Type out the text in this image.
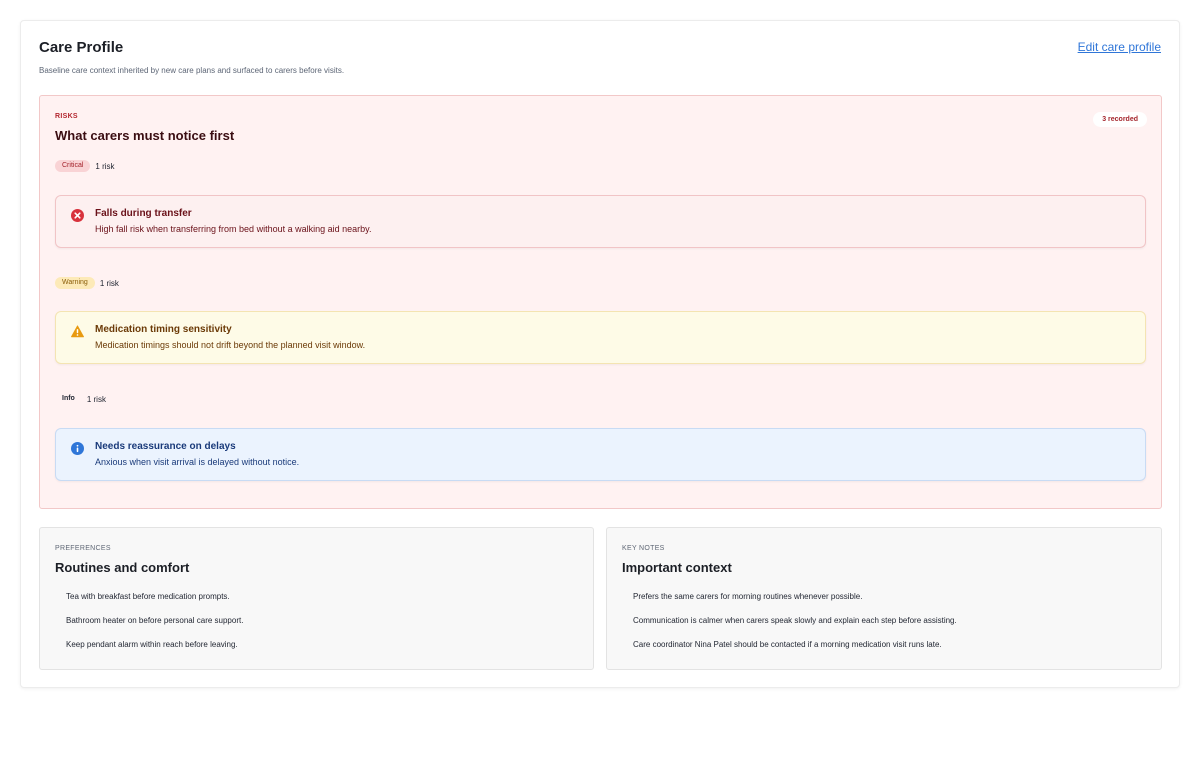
Care Profile

Baseline care context inherited by new care plans and surfaced to carers before visits.

Edit care profile
RISKS
What carers must notice first
3 recorded
Critical	1 risk
Falls during transfer
High fall risk when transferring from bed without a walking aid nearby.
Warning	1 risk
Medication timing sensitivity
Medication timings should not drift beyond the planned visit window.
Info	1 risk
Needs reassurance on delays
Anxious when visit arrival is delayed without notice.
PREFERENCES
Routines and comfort
Tea with breakfast before medication prompts.
Bathroom heater on before personal care support.
Keep pendant alarm within reach before leaving.
KEY NOTES
Important context
Prefers the same carers for morning routines whenever possible.
Communication is calmer when carers speak slowly and explain each step before assisting.
Care coordinator Nina Patel should be contacted if a morning medication visit runs late.
